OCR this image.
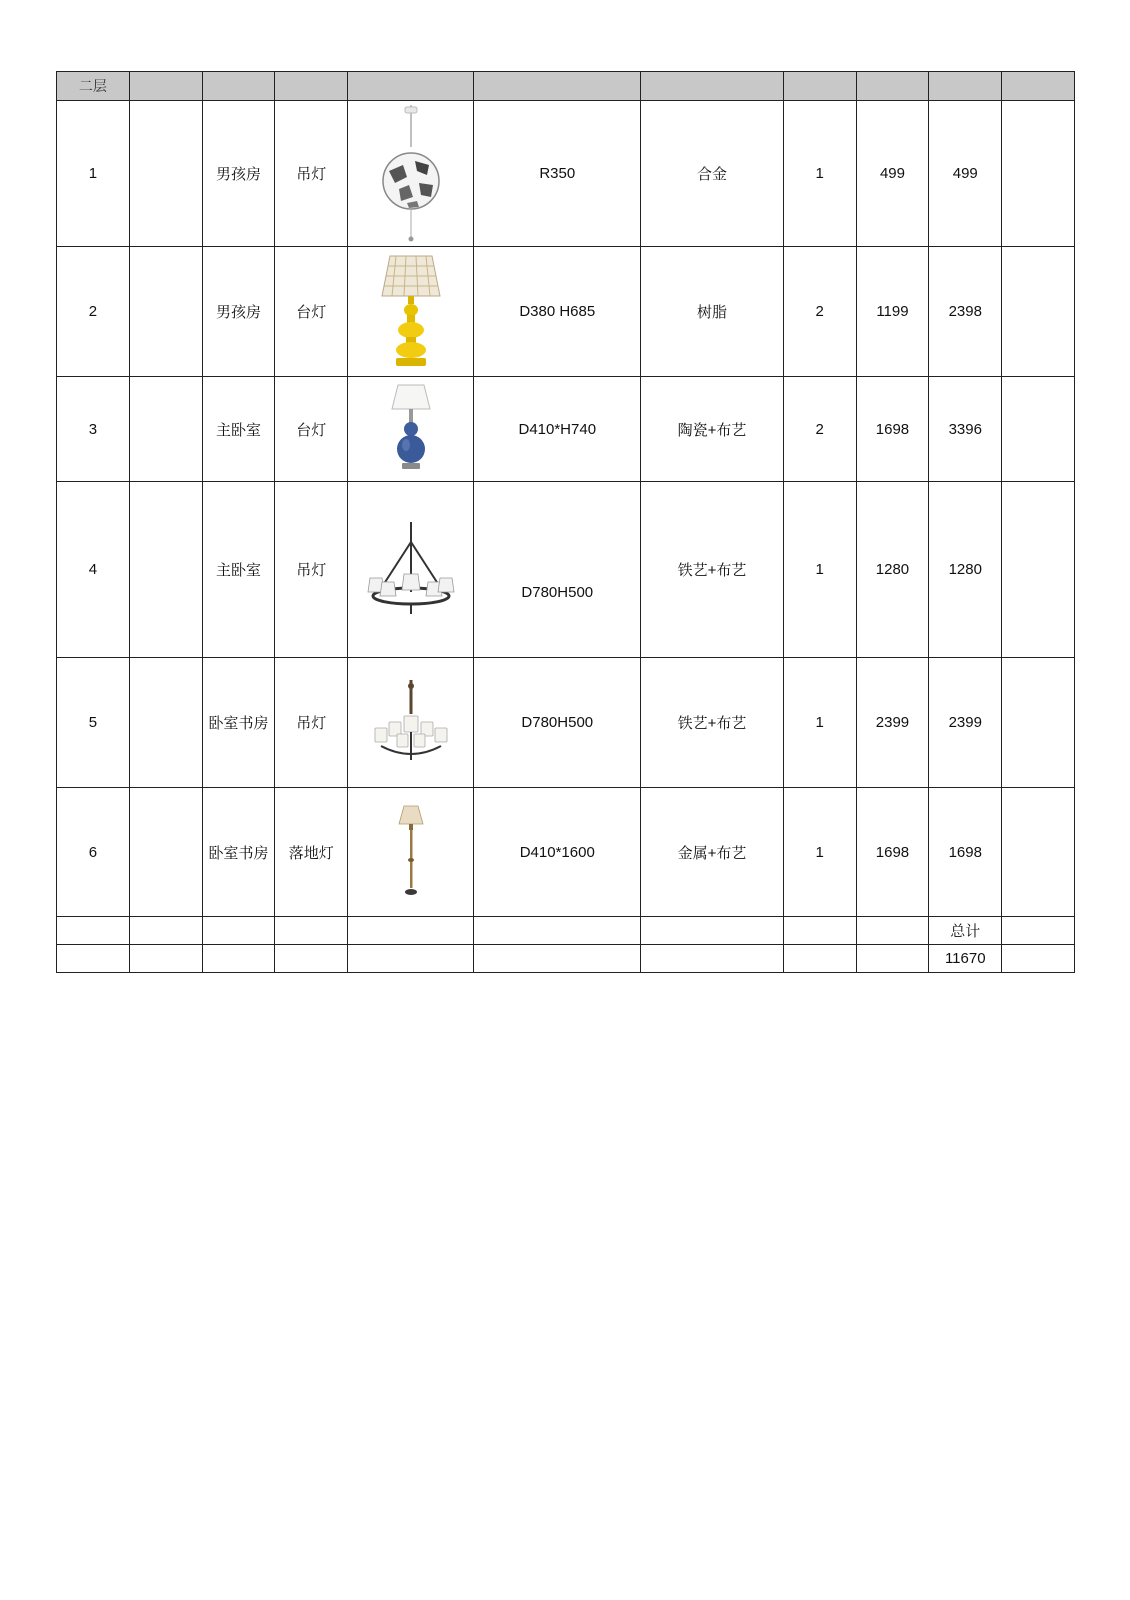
二层										
1		男孩房	吊灯		R350	合金	1	499	499	
2		男孩房	台灯		D380 H685	树脂	2	1199	2398	
3		主卧室	台灯		D410*H740	陶瓷+布艺	2	1698	3396	
4		主卧室	吊灯		D780H500	铁艺+布艺	1	1280	1280	
5		卧室书房	吊灯		D780H500	铁艺+布艺	1	2399	2399	
6		卧室书房	落地灯		D410*1600	金属+布艺	1	1698	1698	
									总计	
									11670	
